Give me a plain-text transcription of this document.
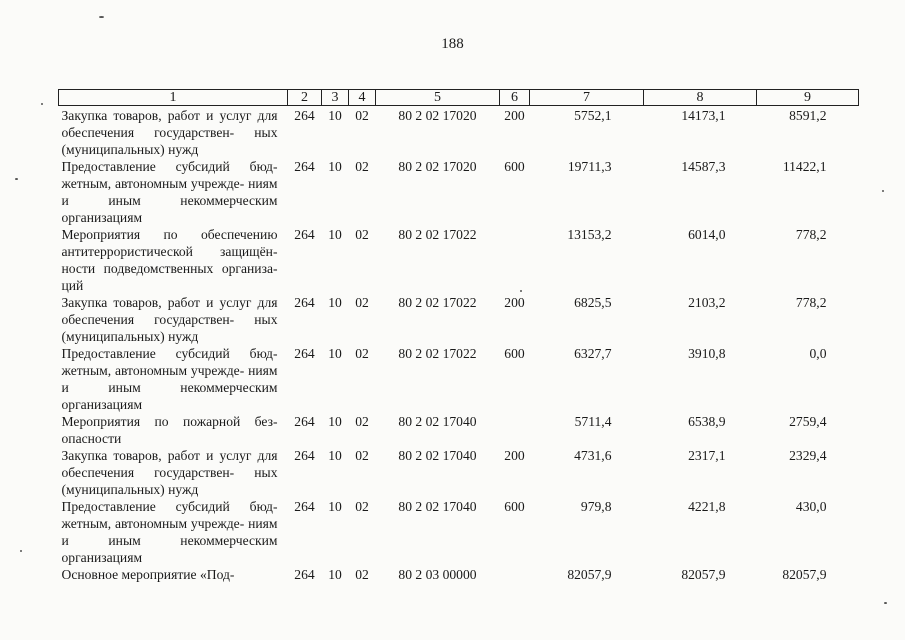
188
1	2	3	4	5	6	7	8	9
Закупка товаров, работ и услуг для обеспечения государствен- ных (муниципальных) нужд	264	10	02	80 2 02 17020	200	5752,1	14173,1	8591,2
Предоставление субсидий бюд- жетным, автономным учрежде- ниям и иным некоммерческим организациям	264	10	02	80 2 02 17020	600	19711,3	14587,3	11422,1
Мероприятия по обеспечению антитеррористической защищён- ности подведомственных организа- ций	264	10	02	80 2 02 17022		13153,2	6014,0	778,2
Закупка товаров, работ и услуг для обеспечения государствен- ных (муниципальных) нужд	264	10	02	80 2 02 17022	200	6825,5	2103,2	778,2
Предоставление субсидий бюд- жетным, автономным учрежде- ниям и иным некоммерческим организациям	264	10	02	80 2 02 17022	600	6327,7	3910,8	0,0
Мероприятия по пожарной без- опасности	264	10	02	80 2 02 17040		5711,4	6538,9	2759,4
Закупка товаров, работ и услуг для обеспечения государствен- ных (муниципальных) нужд	264	10	02	80 2 02 17040	200	4731,6	2317,1	2329,4
Предоставление субсидий бюд- жетным, автономным учрежде- ниям и иным некоммерческим организациям	264	10	02	80 2 02 17040	600	979,8	4221,8	430,0
Основное мероприятие «Под-	264	10	02	80 2 03 00000		82057,9	82057,9	82057,9
